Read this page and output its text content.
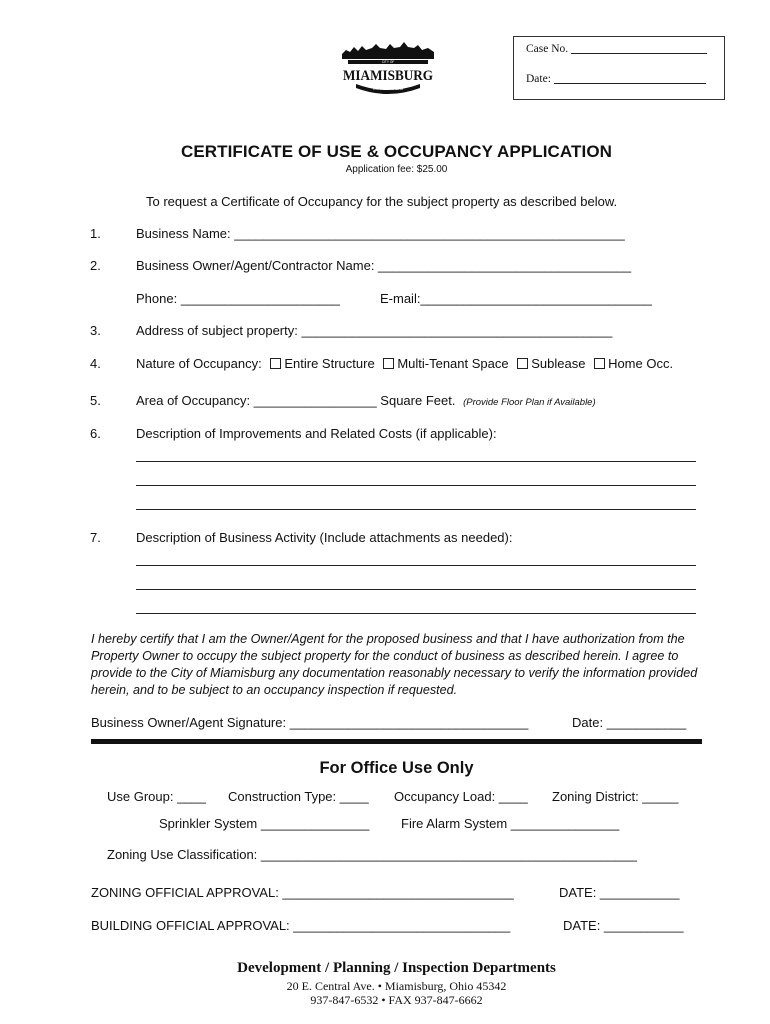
CITY OF
MIAMISBURG
OHIO SINCE 1818
Case No.
Date:
CERTIFICATE OF USE & OCCUPANCY APPLICATION
Application fee: $25.00
To request a Certificate of Occupancy for the subject property as described below.
1.	Business Name: ______________________________________________________
2.	Business Owner/Agent/Contractor Name: ___________________________________
Phone: ______________________	E-mail:________________________________
3.	Address of subject property: ___________________________________________
4.	Nature of Occupancy: Entire Structure Multi-Tenant Space Sublease Home Occ.
5.	Area of Occupancy: _________________ Square Feet. (Provide Floor Plan if Available)
6.	Description of Improvements and Related Costs (if applicable):
7.	Description of Business Activity (Include attachments as needed):
I hereby certify that I am the Owner/Agent for the proposed business and that I have authorization from the Property Owner to occupy the subject property for the conduct of business as described herein. I agree to provide to the City of Miamisburg any documentation reasonably necessary to verify the information provided herein, and to be subject to an occupancy inspection if requested.
Business Owner/Agent Signature: _________________________________	Date: ___________
For Office Use Only
Use Group: ____ Construction Type: ____ Occupancy Load: ____ Zoning District: _____
Sprinkler System _______________ Fire Alarm System _______________
Zoning Use Classification: ____________________________________________________
ZONING OFFICIAL APPROVAL: ________________________________	DATE: ___________
BUILDING OFFICIAL APPROVAL: ______________________________	DATE: ___________
Development / Planning / Inspection Departments
20 E. Central Ave. • Miamisburg, Ohio 45342
937-847-6532 • FAX 937-847-6662
